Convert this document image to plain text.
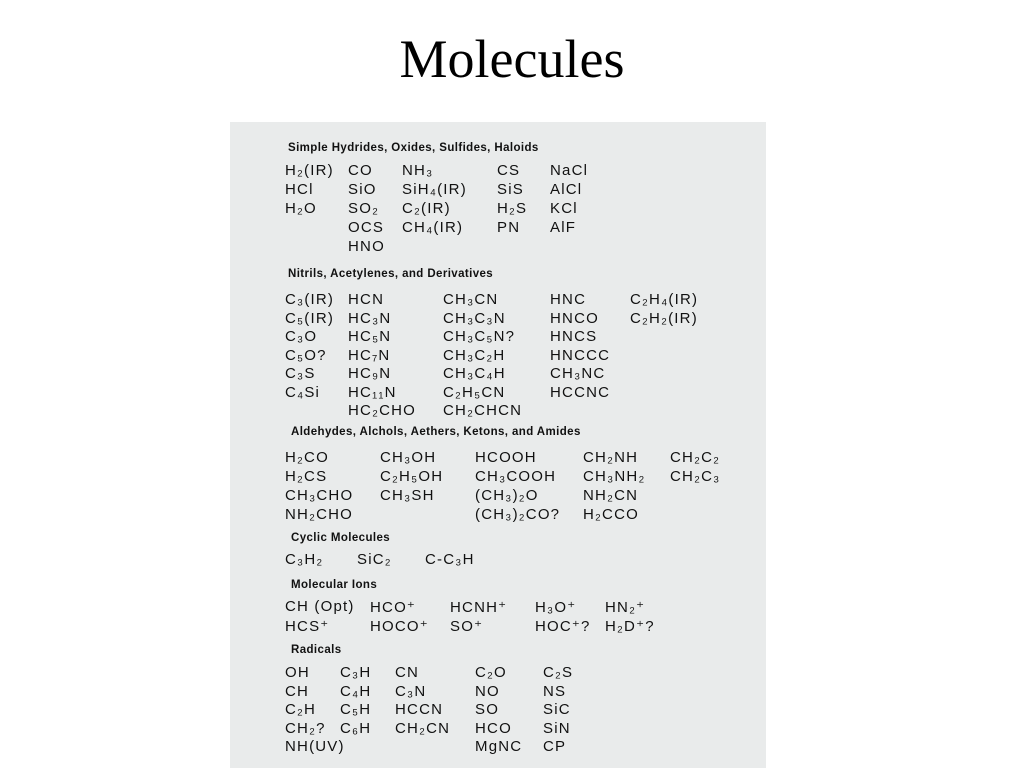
Molecules
Simple Hydrides, Oxides, Sulfides, Haloids
H₂(IR)
HCl
H₂O
CO
SiO
SO₂
OCS
HNO
NH₃
SiH₄(IR)
C₂(IR)
CH₄(IR)
CS
SiS
H₂S
PN
NaCl
AlCl
KCl
AlF
Nitrils, Acetylenes, and Derivatives
C₃(IR)
C₅(IR)
C₃O
C₅O?
C₃S
C₄Si
HCN
HC₃N
HC₅N
HC₇N
HC₉N
HC₁₁N
HC₂CHO
CH₃CN
CH₃C₃N
CH₃C₅N?
CH₃C₂H
CH₃C₄H
C₂H₅CN
CH₂CHCN
HNC
HNCO
HNCS
HNCCC
CH₃NC
HCCNC
C₂H₄(IR)
C₂H₂(IR)
Aldehydes, Alchols, Aethers, Ketons, and Amides
H₂CO
H₂CS
CH₃CHO
NH₂CHO
CH₃OH
C₂H₅OH
CH₃SH
HCOOH
CH₃COOH
(CH₃)₂O
(CH₃)₂CO?
CH₂NH
CH₃NH₂
NH₂CN
H₂CCO
CH₂C₂
CH₂C₃
Cyclic Molecules
C₃H₂ SiC₂ C-C₃H
Molecular Ions
CH (Opt)
HCS⁺
HCO⁺
HOCO⁺
HCNH⁺
SO⁺
H₃O⁺
HOC⁺?
HN₂⁺
H₂D⁺?
Radicals
OH
CH
C₂H
CH₂?
NH(UV)
C₃H
C₄H
C₅H
C₆H
CN
C₃N
HCCN
CH₂CN
C₂O
NO
SO
HCO
MgNC
C₂S
NS
SiC
SiN
CP
